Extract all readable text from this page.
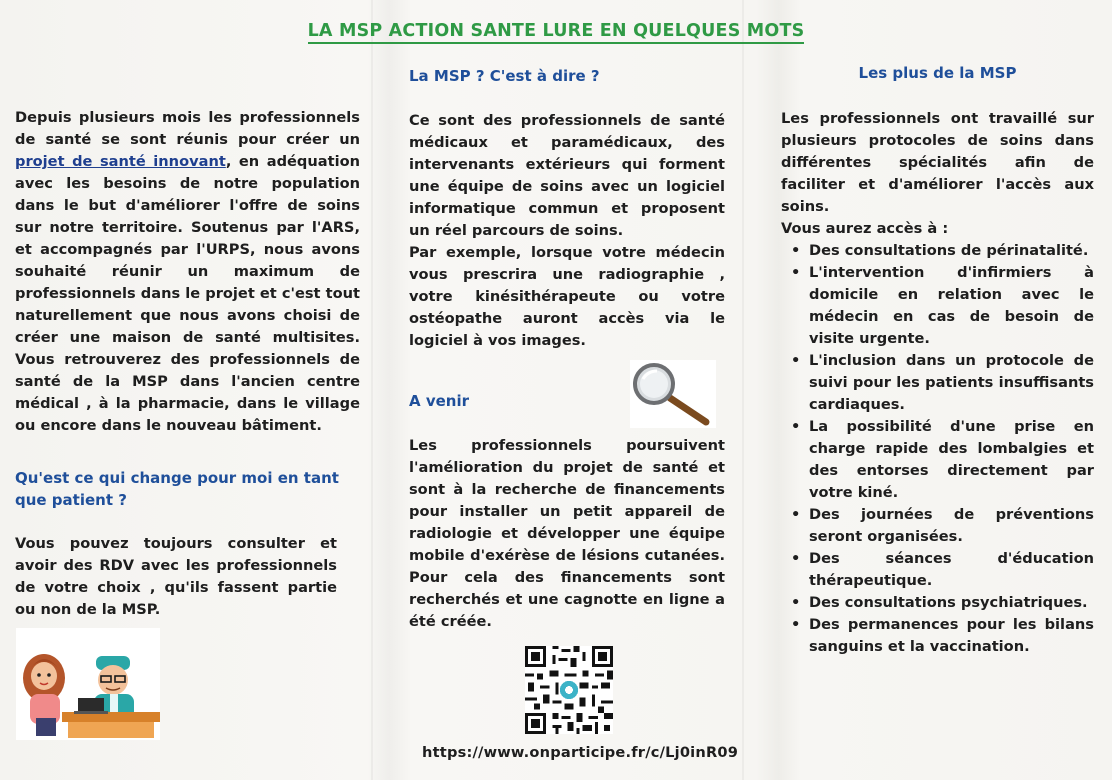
LA MSP ACTION SANTE LURE EN QUELQUES MOTS

Depuis plusieurs mois les professionnels de santé se sont réunis pour créer un projet de santé innovant, en adéquation avec les besoins de notre population dans le but d'améliorer l'offre de soins sur notre territoire. Soutenus par l'ARS, et accompagnés par l'URPS, nous avons souhaité réunir un maximum de professionnels dans le projet et c'est tout naturellement que nous avons choisi de créer une maison de santé multisites. Vous retrouverez des professionnels de santé de la MSP dans l'ancien centre médical , à la pharmacie, dans le village ou encore dans le nouveau bâtiment.

Qu'est ce qui change pour moi en tant que patient ?
Vous pouvez toujours consulter et avoir des RDV avec les professionnels de votre choix , qu'ils fassent partie ou non de la MSP.
La MSP ? C'est à dire ?

Ce sont des professionnels de santé médicaux et paramédicaux, des intervenants extérieurs qui forment une équipe de soins avec un logiciel informatique commun et proposent un réel parcours de soins.

Par exemple, lorsque votre médecin vous prescrira une radiographie , votre kinésithérapeute ou votre ostéopathe auront accès via le logiciel à vos images.

A venir
Les professionnels poursuivent l'amélioration du projet de santé et sont à la recherche de financements pour installer un petit appareil de radiologie et développer une équipe mobile d'exérèse de lésions cutanées. Pour cela des financements sont recherchés et une cagnotte en ligne a été créée.
https://www.onparticipe.fr/c/Lj0inR09
Les plus de la MSP

Les professionnels ont travaillé sur plusieurs protocoles de soins dans différentes spécialités afin de faciliter et d'améliorer l'accès aux soins.

Vous aurez accès à :

• Des consultations de périnatalité.
• L'intervention d'infirmiers à domicile en relation avec le médecin en cas de besoin de visite urgente.
• L'inclusion dans un protocole de suivi pour les patients insuffisants cardiaques.
• La possibilité d'une prise en charge rapide des lombalgies et des entorses directement par votre kiné.
• Des journées de préventions seront organisées.
• Des séances d'éducation thérapeutique.
• Des consultations psychiatriques.
• Des permanences pour les bilans sanguins et la vaccination.
